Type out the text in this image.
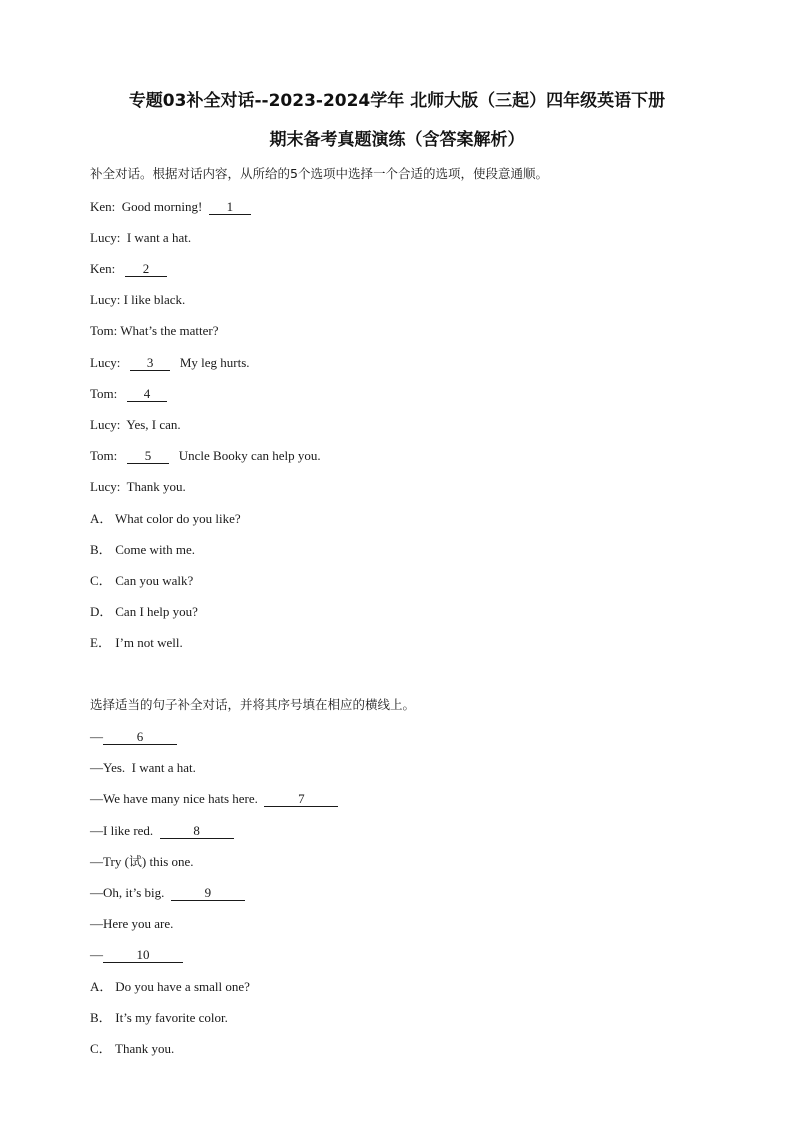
专题03补全对话--2023-2024学年 北师大版（三起）四年级英语下册
期末备考真题演练（含答案解析）
补全对话。根据对话内容，从所给的5个选项中选择一个合适的选项，使段意通顺。
Ken: Good morning! 1
Lucy: I want a hat.
Ken: 2
Lucy: I like black.
Tom: What’s the matter?
Lucy: 3 My leg hurts.
Tom: 4
Lucy: Yes, I can.
Tom: 5 Uncle Booky can help you.
Lucy: Thank you.
A． What color do you like?
B． Come with me.
C． Can you walk?
D． Can I help you?
E． I’m not well.
选择适当的句子补全对话，并将其序号填在相应的横线上。
—	6
—Yes.  I want a hat.
—We have many nice hats here.	7
—I like red.	8
—Try (试) this one.
—Oh, it’s big.	9
—Here you are.
—	10
A． Do you have a small one?
B． It’s my favorite color.
C． Thank you.
